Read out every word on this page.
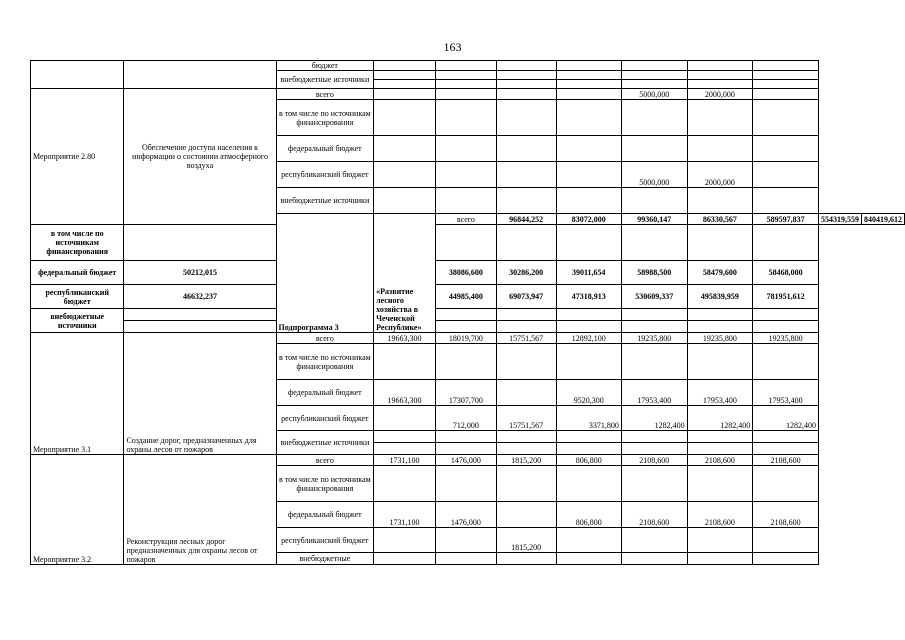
163
		бюджет									
		внебюджетные источники									

Мероприятие 2.80	Обеспечение доступа населения к информации о состоянии атмосферного воздуха	всего					5000,000	2000,000			
		в том числе по источникам финансирования									
		федеральный бюджет									
		республиканский бюджет					5000,000	2000,000			
		внебюджетные источники									
		Подпрограмма 3	«Развитие лесного хозяйства в Чеченской Республике»	всего	96844,252	83072,000	99360,147	86330,567	589597,837	554319,559	840419,612
в том числе по источникам финансирования											
федеральный бюджет	50212,015			38086,600	30286,200	39011,654	58988,500	58479,600	58468,000		
республиканский бюджет	46632,237			44985,400	69073,947	47318,913	530609,337	495839,959	781951,612		
внебюджетные источники											

Мероприятие 3.1	Создание дорог, предназначенных для охраны лесов от пожаров	всего	19663,300	18019,700	15751,567	12892,100	19235,800	19235,800	19235,800		
		в том числе по источникам финансирования									
		федеральный бюджет	19663,300	17307,700		9520,300	17953,400	17953,400	17953,400		
		республиканский бюджет		712,000	15751,567	3371,800	1282,400	1282,400	1282,400		
		внебюджетные источники									

Мероприятие 3.2	Реконструкция лесных дорог предназначенных для охраны лесов от пожаров	всего	1731,100	1476,000	1815,200	806,800	2108,600	2108,600	2108,600		
		в том числе по источникам финансирования									
		федеральный бюджет	1731,100	1476,000		806,800	2108,600	2108,600	2108,600		
		республиканский бюджет			1815,200						
		внебюджетные									
